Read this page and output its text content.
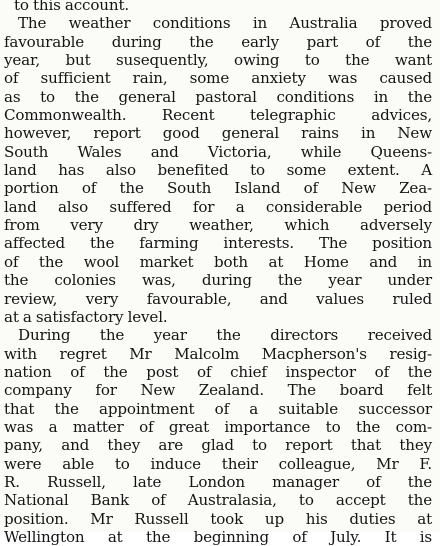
to this account.
The weather conditions in Australia proved
favourable during the early part of the
year, but susequently, owing to the want
of sufficient rain, some anxiety was caused
as to the general pastoral conditions in the
Commonwealth. Recent telegraphic advices,
however, report good general rains in New
South Wales and Victoria, while Queens-
land has also benefited to some extent. A
portion of the South Island of New Zea-
land also suffered for a considerable period
from very dry weather, which adversely
affected the farming interests. The position
of the wool market both at Home and in
the colonies was, during the year under
review, very favourable, and values ruled
at a satisfactory level.
During the year the directors received
with regret Mr Malcolm Macpherson's resig-
nation of the post of chief inspector of the
company for New Zealand. The board felt
that the appointment of a suitable successor
was a matter of great importance to the com-
pany, and they are glad to report that they
were able to induce their colleague, Mr F.
R. Russell, late London manager of the
National Bank of Australasia, to accept the
position. Mr Russell took up his duties at
Wellington at the beginning of July. It is
